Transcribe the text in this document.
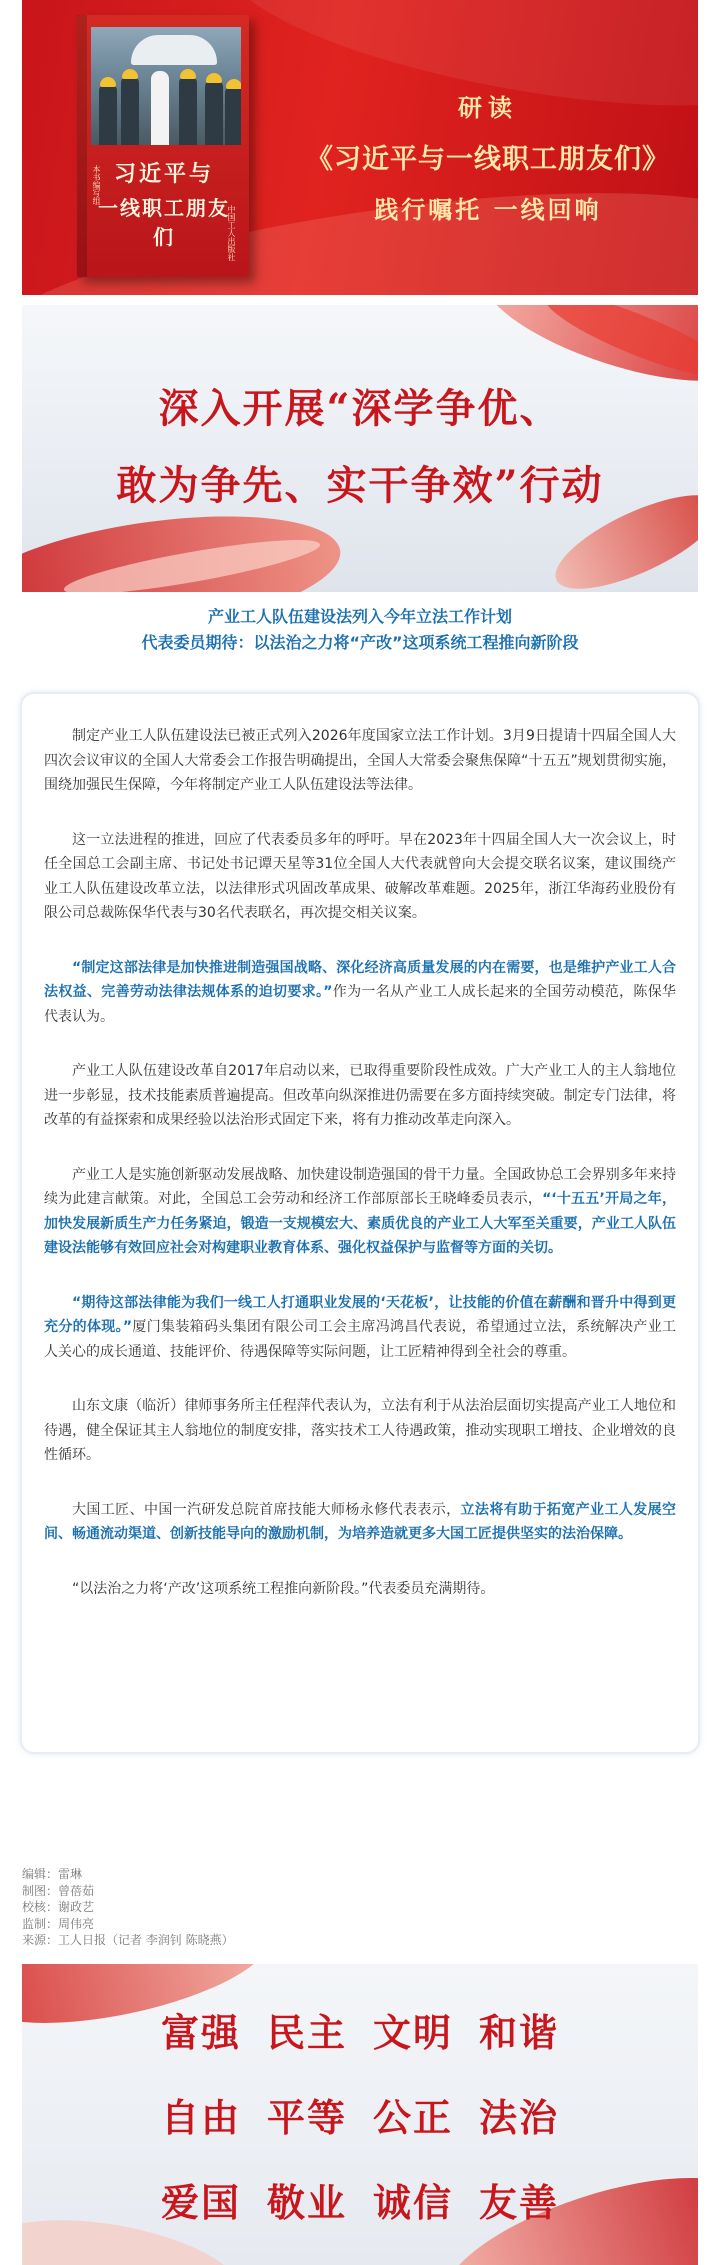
习近平与
一线职工朋友们
本书编写组
中国工人出版社
研读
《习近平与一线职工朋友们》
践行嘱托 一线回响
深入开展“深学争优、
敢为争先、实干争效”行动
产业工人队伍建设法列入今年立法工作计划
代表委员期待：以法治之力将“产改”这项系统工程推向新阶段

制定产业工人队伍建设法已被正式列入2026年度国家立法工作计划。3月9日提请十四届全国人大四次会议审议的全国人大常委会工作报告明确提出，全国人大常委会聚焦保障“十五五”规划贯彻实施，围绕加强民生保障，今年将制定产业工人队伍建设法等法律。

这一立法进程的推进，回应了代表委员多年的呼吁。早在2023年十四届全国人大一次会议上，时任全国总工会副主席、书记处书记谭天星等31位全国人大代表就曾向大会提交联名议案，建议围绕产业工人队伍建设改革立法，以法律形式巩固改革成果、破解改革难题。2025年，浙江华海药业股份有限公司总裁陈保华代表与30名代表联名，再次提交相关议案。

“制定这部法律是加快推进制造强国战略、深化经济高质量发展的内在需要，也是维护产业工人合法权益、完善劳动法律法规体系的迫切要求。”作为一名从产业工人成长起来的全国劳动模范，陈保华代表认为。

产业工人队伍建设改革自2017年启动以来，已取得重要阶段性成效。广大产业工人的主人翁地位进一步彰显，技术技能素质普遍提高。但改革向纵深推进仍需要在多方面持续突破。制定专门法律，将改革的有益探索和成果经验以法治形式固定下来，将有力推动改革走向深入。

产业工人是实施创新驱动发展战略、加快建设制造强国的骨干力量。全国政协总工会界别多年来持续为此建言献策。对此，全国总工会劳动和经济工作部原部长王晓峰委员表示，“‘十五五’开局之年，加快发展新质生产力任务紧迫，锻造一支规模宏大、素质优良的产业工人大军至关重要，产业工人队伍建设法能够有效回应社会对构建职业教育体系、强化权益保护与监督等方面的关切。

“期待这部法律能为我们一线工人打通职业发展的‘天花板’，让技能的价值在薪酬和晋升中得到更充分的体现。”厦门集装箱码头集团有限公司工会主席冯鸿昌代表说，希望通过立法，系统解决产业工人关心的成长通道、技能评价、待遇保障等实际问题，让工匠精神得到全社会的尊重。

山东文康（临沂）律师事务所主任程萍代表认为，立法有利于从法治层面切实提高产业工人地位和待遇，健全保证其主人翁地位的制度安排，落实技术工人待遇政策，推动实现职工增技、企业增效的良性循环。

大国工匠、中国一汽研发总院首席技能大师杨永修代表表示，立法将有助于拓宽产业工人发展空间、畅通流动渠道、创新技能导向的激励机制，为培养造就更多大国工匠提供坚实的法治保障。

“以法治之力将‘产改’这项系统工程推向新阶段。”代表委员充满期待。

编辑：雷琳
制图：曾蓓茹
校核：谢政艺
监制：周伟亮
来源：工人日报（记者 李润钊 陈晓燕）
富强 民主 文明 和谐
自由 平等 公正 法治
爱国 敬业 诚信 友善
